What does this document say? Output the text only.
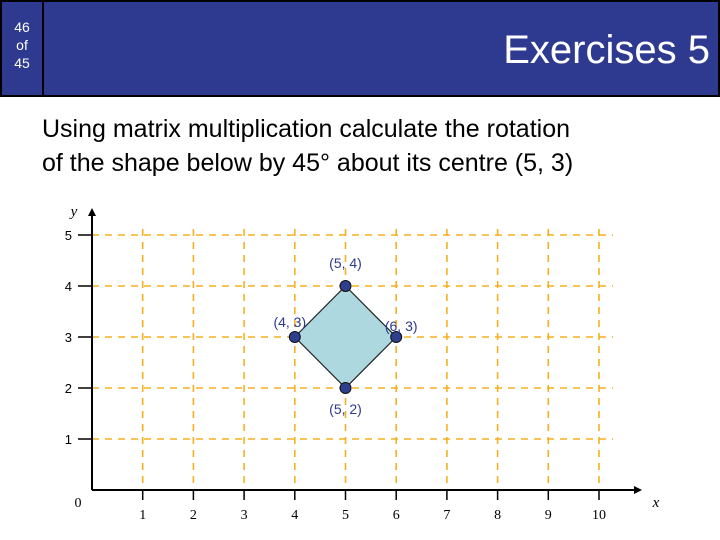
46
of
45	Exercises 5
Using matrix multiplication calculate the rotation
of the shape below by 45° about its centre (5, 3)
1
2
3
4
5
1	2	3	4	5	6	7	8	9	10
0	x
y
(5, 4)
(6, 3)
(5, 2)
(4, 3)
